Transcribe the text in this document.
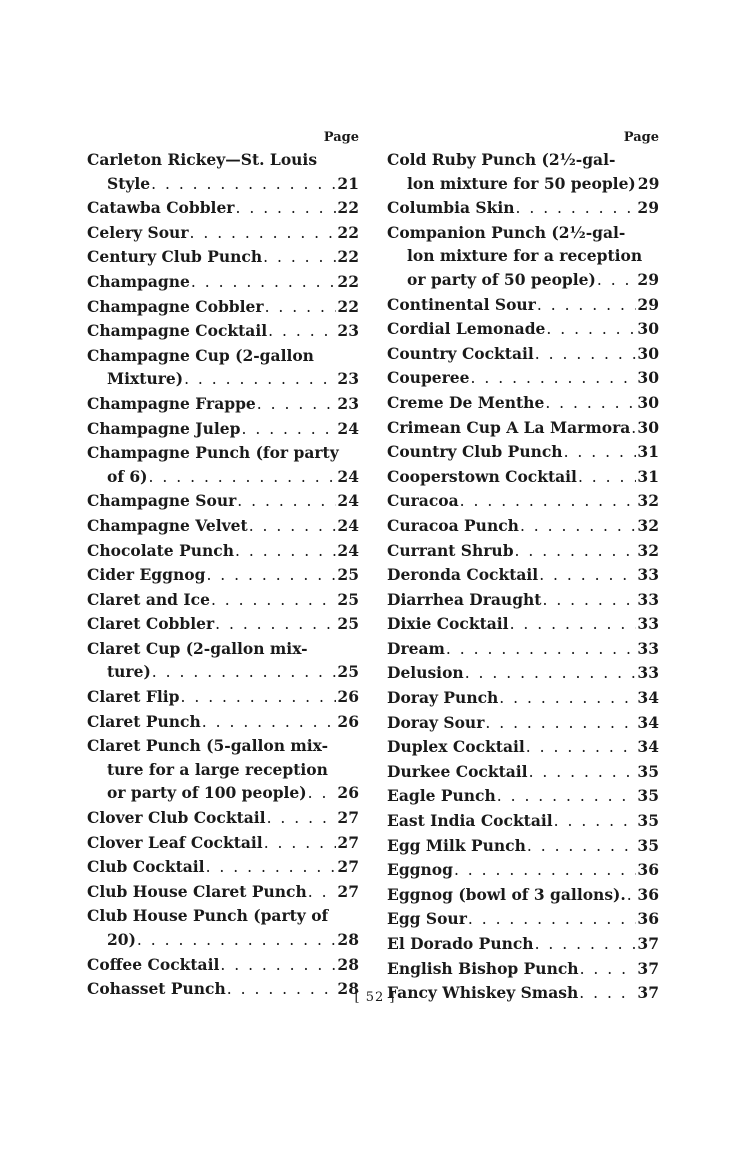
Page
Carleton Rickey—St. Louis
Style . . .	21
Catawba Cobbler . . .	22
Celery Sour . . .	22
Century Club Punch . . .	22
Champagne . . .	22
Champagne Cobbler . . .	22
Champagne Cocktail . . .	23
Champagne Cup (2-gallon
Mixture) . . .	23
Champagne Frappe . . .	23
Champagne Julep . . .	24
Champagne Punch (for party
of 6) . . .	24
Champagne Sour . . .	24
Champagne Velvet . . .	24
Chocolate Punch . . .	24
Cider Eggnog . . .	25
Claret and Ice . . .	25
Claret Cobbler . . .	25
Claret Cup (2-gallon mix-
ture) . . .	25
Claret Flip . . .	26
Claret Punch . . .	26
Claret Punch (5-gallon mix-
ture for a large reception
or party of 100 people) . . . 26
Clover Club Cocktail . . .	27
Clover Leaf Cocktail . . .	27
Club Cocktail . . .	27
Club House Claret Punch . . . 27
Club House Punch (party of
20) . . .	28
Coffee Cocktail . . .	28
Cohasset Punch . . .	28
Page
Cold Ruby Punch (2½-gal-
lon mixture for 50 people) 29
Columbia Skin . . .	29
Companion Punch (2½-gal-
lon mixture for a reception
or party of 50 people) . . .	29
Continental Sour . . .	29
Cordial Lemonade . . .	30
Country Cocktail . . .	30
Couperee . . .	30
Creme De Menthe . . .	30
Crimean Cup A La Marmora . . . 30
Country Club Punch . . .	31
Cooperstown Cocktail . . .	31
Curacoa . . .	32
Curacoa Punch . . .	32
Currant Shrub . . .	32
Deronda Cocktail . . .	33
Diarrhea Draught . . .	33
Dixie Cocktail . . .	33
Dream . . .	33
Delusion . . .	33
Doray Punch . . .	34
Doray Sour . . .	34
Duplex Cocktail . . .	34
Durkee Cocktail . . .	35
Eagle Punch . . .	35
East India Cocktail . . .	35
Egg Milk Punch . . .	35
Eggnog . . .	36
Eggnog (bowl of 3 gallons). . . . 36
Egg Sour . . .	36
El Dorado Punch . . .	37
English Bishop Punch . . .	37
Fancy Whiskey Smash . . .	37
[ 52 ]
